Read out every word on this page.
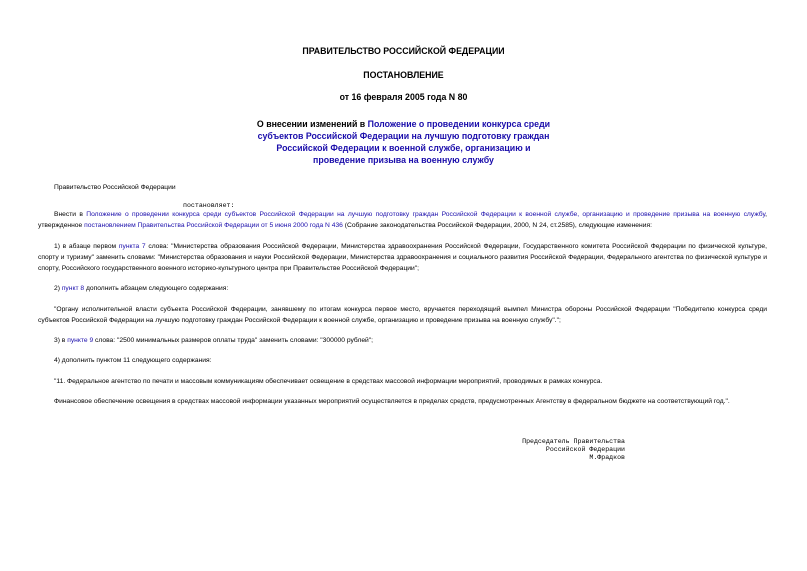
ПРАВИТЕЛЬСТВО РОССИЙСКОЙ ФЕДЕРАЦИИ
ПОСТАНОВЛЕНИЕ
от 16 февраля 2005 года N 80
О внесении изменений в Положение о проведении конкурса среди субъектов Российской Федерации на лучшую подготовку граждан Российской Федерации к военной службе, организацию и проведение призыва на военную службу
Правительство Российской Федерации
постановляет:
Внести в Положение о проведении конкурса среди субъектов Российской Федерации на лучшую подготовку граждан Российской Федерации к военной службе, организацию и проведение призыва на военную службу, утвержденное постановлением Правительства Российской Федерации от 5 июня 2000 года N 436 (Собрание законодательства Российской Федерации, 2000, N 24, ст.2585), следующие изменения:
1) в абзаце первом пункта 7 слова: "Министерства образования Российской Федерации, Министерства здравоохранения Российской Федерации, Государственного комитета Российской Федерации по физической культуре, спорту и туризму" заменить словами: "Министерства образования и науки Российской Федерации, Министерства здравоохранения и социального развития Российской Федерации, Федерального агентства по физической культуре и спорту, Российского государственного военного историко-культурного центра при Правительстве Российской Федерации";
2) пункт 8 дополнить абзацем следующего содержания:
"Органу исполнительной власти субъекта Российской Федерации, занявшему по итогам конкурса первое место, вручается переходящий вымпел Министра обороны Российской Федерации "Победителю конкурса среди субъектов Российской Федерации на лучшую подготовку граждан Российской Федерации к военной службе, организацию и проведение призыва на военную службу".";
3) в пункте 9 слова: "2500 минимальных размеров оплаты труда" заменить словами: "300000 рублей";
4) дополнить пунктом 11 следующего содержания:
"11. Федеральное агентство по печати и массовым коммуникациям обеспечивает освещение в средствах массовой информации мероприятий, проводимых в рамках конкурса.
Финансовое обеспечение освещения в средствах массовой информации указанных мероприятий осуществляется в пределах средств, предусмотренных Агентству в федеральном бюджете на соответствующий год.".
Председатель Правительства
Российской Федерации
М.Фрадков
